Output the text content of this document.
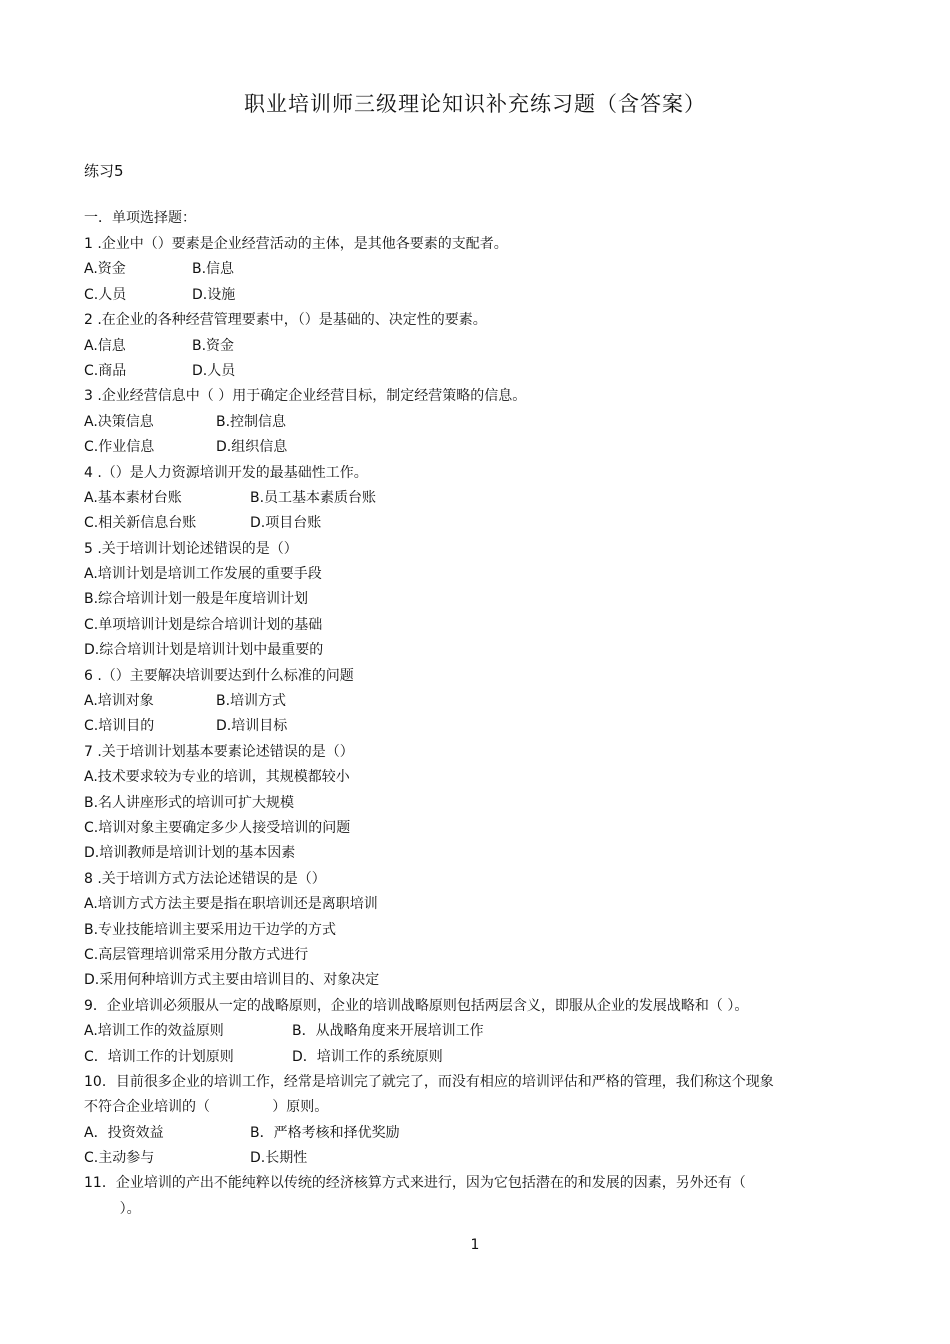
职业培训师三级理论知识补充练习题（含答案）
练习5
一．单项选择题：
1 .企业中（）要素是企业经营活动的主体，是其他各要素的支配者。
A.资金	B.信息
C.人员	D.设施
2 .在企业的各种经营管理要素中，（）是基础的、决定性的要素。
A.信息	B.资金
C.商品	D.人员
3 .企业经营信息中（ ）用于确定企业经营目标，制定经营策略的信息。
A.决策信息	B.控制信息
C.作业信息	D.组织信息
4 .（）是人力资源培训开发的最基础性工作。
A.基本素材台账	B.员工基本素质台账
C.相关新信息台账	D.项目台账
5 .关于培训计划论述错误的是（）
A.培训计划是培训工作发展的重要手段
B.综合培训计划一般是年度培训计划
C.单项培训计划是综合培训计划的基础
D.综合培训计划是培训计划中最重要的
6 .（）主要解决培训要达到什么标准的问题
A.培训对象	B.培训方式
C.培训目的	D.培训目标
7 .关于培训计划基本要素论述错误的是（）
A.技术要求较为专业的培训，其规模都较小
B.名人讲座形式的培训可扩大规模
C.培训对象主要确定多少人接受培训的问题
D.培训教师是培训计划的基本因素
8 .关于培训方式方法论述错误的是（）
A.培训方式方法主要是指在职培训还是离职培训
B.专业技能培训主要采用边干边学的方式
C.高层管理培训常采用分散方式进行
D.采用何种培训方式主要由培训目的、对象决定
9．企业培训必须服从一定的战略原则，企业的培训战略原则包括两层含义，即服从企业的发展战略和（ ）。
A.培训工作的效益原则	B．从战略角度来开展培训工作
C．培训工作的计划原则	D．培训工作的系统原则
10．目前很多企业的培训工作，经常是培训完了就完了，而没有相应的培训评估和严格的管理，我们称这个现象
不符合企业培训的（              ）原则。
A．投资效益	B．严格考核和择优奖励
C.主动参与	D.长期性
11．企业培训的产出不能纯粹以传统的经济核算方式来进行，因为它包括潜在的和发展的因素，另外还有（
）。
1
